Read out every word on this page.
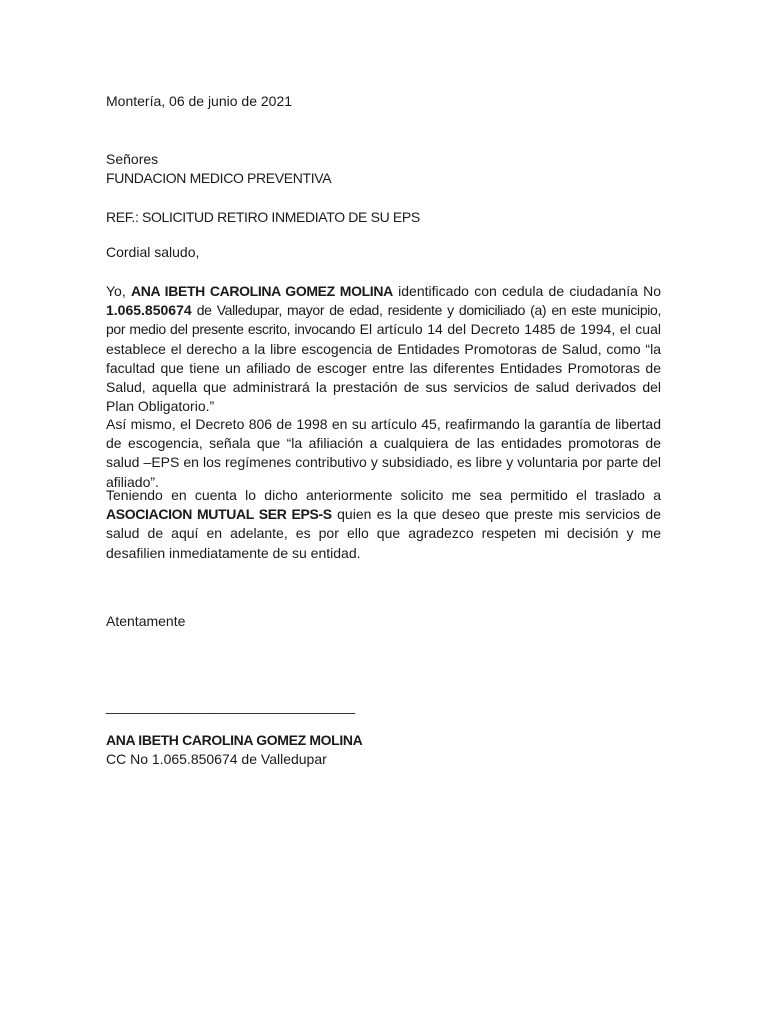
Montería, 06 de junio de 2021
Señores
FUNDACION MEDICO PREVENTIVA
REF.: SOLICITUD RETIRO INMEDIATO DE SU EPS
Cordial saludo,
Yo, ANA IBETH CAROLINA GOMEZ MOLINA identificado con cedula de ciudadanía No 1.065.850674 de Valledupar, mayor de edad, residente y domiciliado (a) en este municipio, por medio del presente escrito, invocando El artículo 14 del Decreto 1485 de 1994, el cual establece el derecho a la libre escogencia de Entidades Promotoras de Salud, como “la facultad que tiene un afiliado de escoger entre las diferentes Entidades Promotoras de Salud, aquella que administrará la prestación de sus servicios de salud derivados del Plan Obligatorio.”
Así mismo, el Decreto 806 de 1998 en su artículo 45, reafirmando la garantía de libertad de escogencia, señala que “la afiliación a cualquiera de las entidades promotoras de salud –EPS en los regímenes contributivo y subsidiado, es libre y voluntaria por parte del afiliado”.
Teniendo en cuenta lo dicho anteriormente solicito me sea permitido el traslado a ASOCIACION MUTUAL SER EPS-S quien es la que deseo que preste mis servicios de salud de aquí en adelante, es por ello que agradezco respeten mi decisión y me desafilien inmediatamente de su entidad.
Atentamente
________________________________
ANA IBETH CAROLINA GOMEZ MOLINA
CC No 1.065.850674 de Valledupar
